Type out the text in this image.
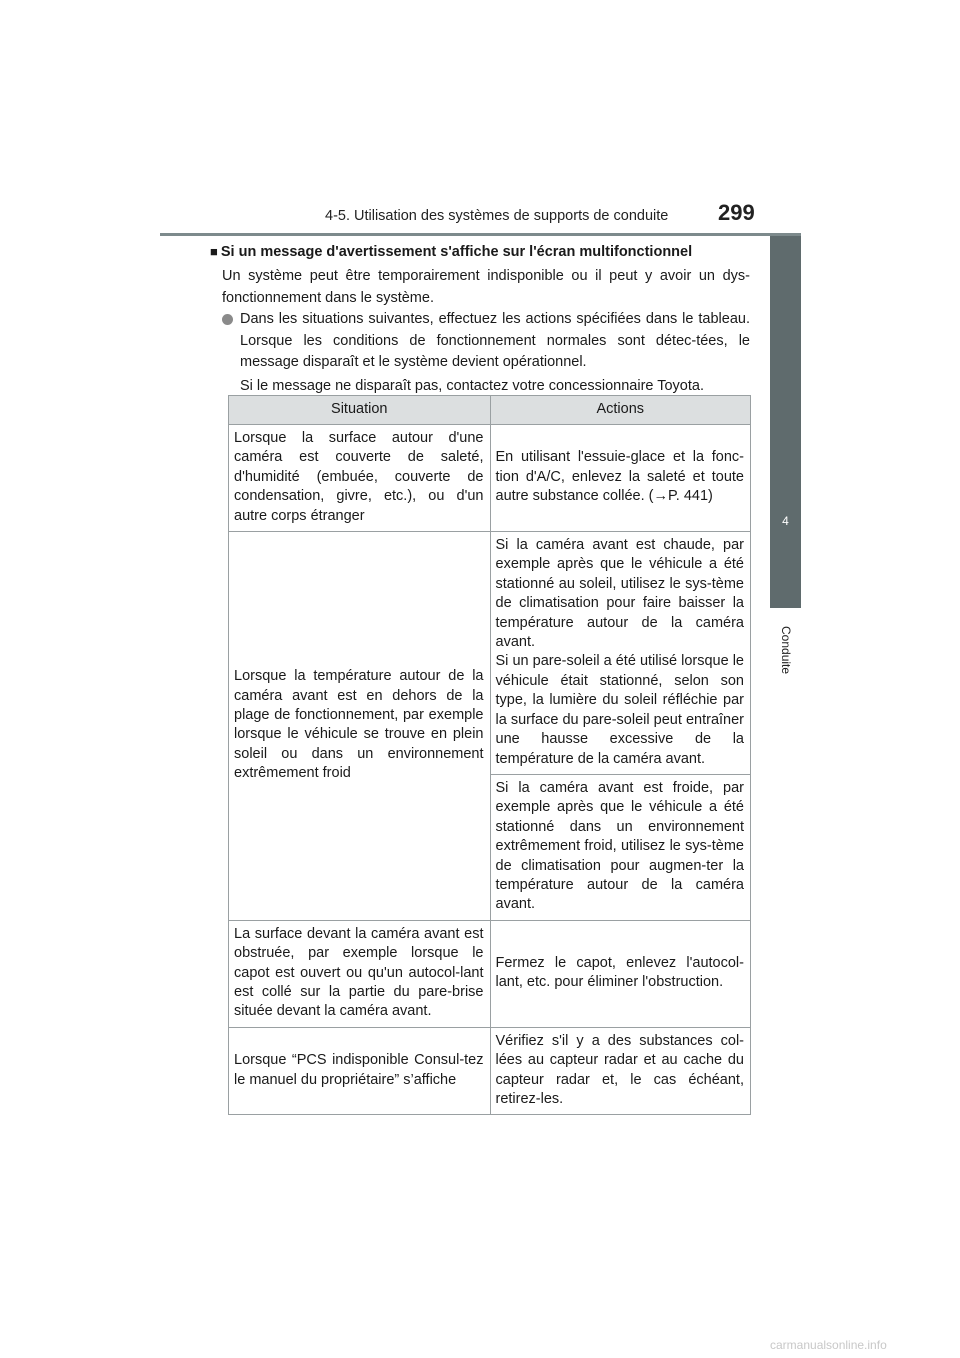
4-5. Utilisation des systèmes de supports de conduite 299
4
Conduite
■ Si un message d'avertissement s'affiche sur l'écran multifonctionnel
Un système peut être temporairement indisponible ou il peut y avoir un dys-fonctionnement dans le système.
Dans les situations suivantes, effectuez les actions spécifiées dans le tableau. Lorsque les conditions de fonctionnement normales sont détec-tées, le message disparaît et le système devient opérationnel.
Si le message ne disparaît pas, contactez votre concessionnaire Toyota.
Situation	Actions
Lorsque la surface autour d'une caméra est couverte de saleté, d'humidité (embuée, couverte de condensation, givre, etc.), ou d'un autre corps étranger	En utilisant l'essuie-glace et la fonc-tion d'A/C, enlevez la saleté et toute autre substance collée. (→P. 441)
Lorsque la température autour de la caméra avant est en dehors de la plage de fonctionnement, par exemple lorsque le véhicule se trouve en plein soleil ou dans un environnement extrêmement froid	Si la caméra avant est chaude, par exemple après que le véhicule a été stationné au soleil, utilisez le sys-tème de climatisation pour faire baisser la température autour de la caméra avant.
Si un pare-soleil a été utilisé lorsque le véhicule était stationné, selon son type, la lumière du soleil réfléchie par la surface du pare-soleil peut entraîner une hausse excessive de la température de la caméra avant.

	Si la caméra avant est froide, par exemple après que le véhicule a été stationné dans un environnement extrêmement froid, utilisez le sys-tème de climatisation pour augmen-ter la température autour de la caméra avant.
La surface devant la caméra avant est obstruée, par exemple lorsque le capot est ouvert ou qu'un autocol-lant est collé sur la partie du pare-brise située devant la caméra avant.	Fermez le capot, enlevez l'autocol-lant, etc. pour éliminer l'obstruction.
Lorsque “PCS indisponible Consul-tez le manuel du propriétaire” s’affiche	Vérifiez s'il y a des substances col-lées au capteur radar et au cache du capteur radar et, le cas échéant, retirez-les.
carmanualsonline.info
